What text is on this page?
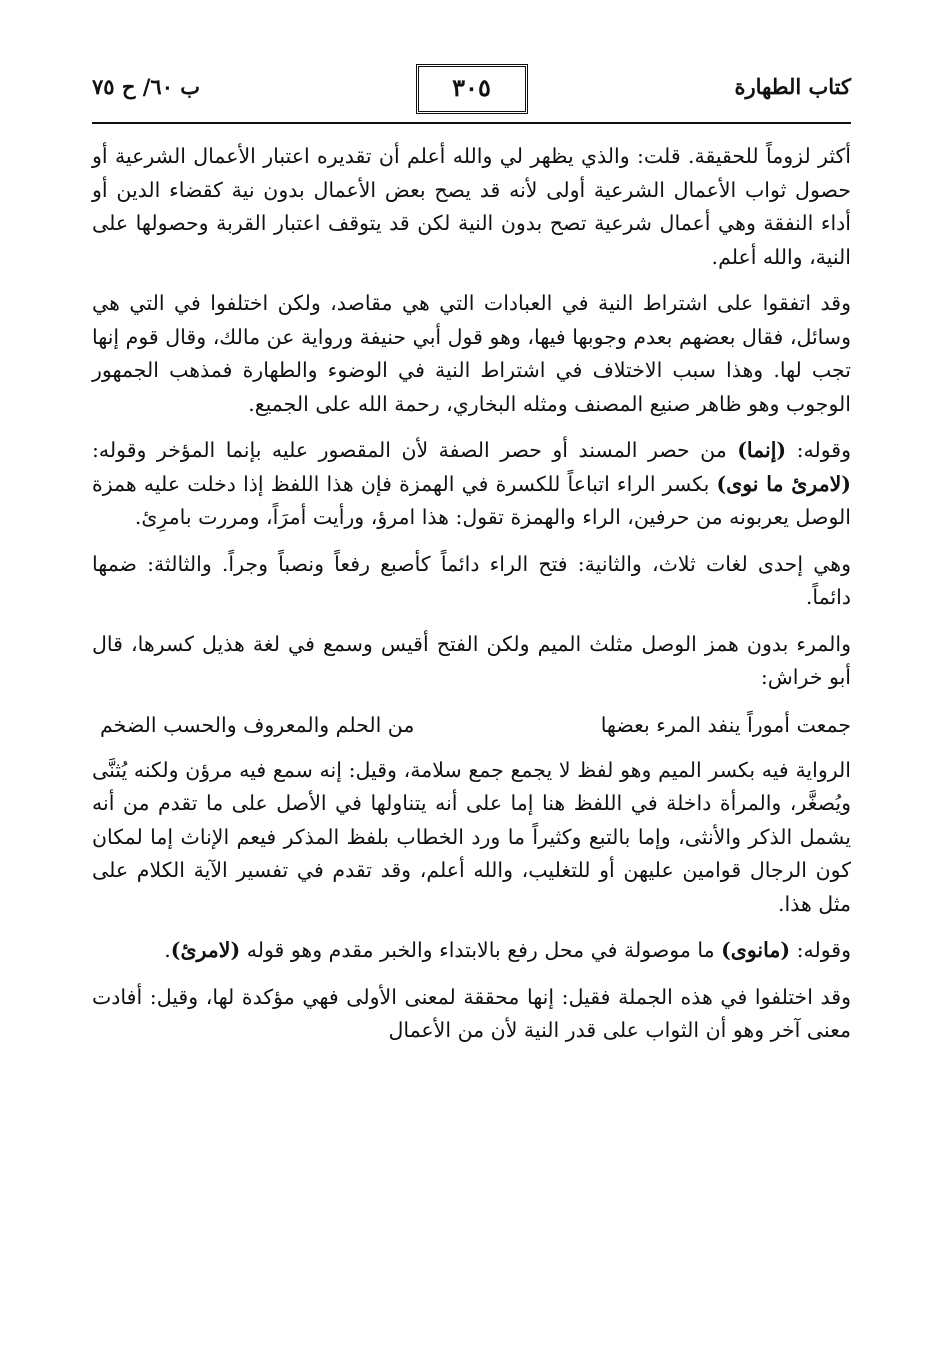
كتاب الطهارة
٣٠٥
ب ٦٠/ ح ٧٥

أكثر لزوماً للحقيقة. قلت: والذي يظهر لي والله أعلم أن تقديره اعتبار الأعمال الشرعية أو حصول ثواب الأعمال الشرعية أولى لأنه قد يصح بعض الأعمال بدون نية كقضاء الدين أو أداء النفقة وهي أعمال شرعية تصح بدون النية لكن قد يتوقف اعتبار القربة وحصولها على النية، والله أعلم.

وقد اتفقوا على اشتراط النية في العبادات التي هي مقاصد، ولكن اختلفوا في التي هي وسائل، فقال بعضهم بعدم وجوبها فيها، وهو قول أبي حنيفة ورواية عن مالك، وقال قوم إنها تجب لها. وهذا سبب الاختلاف في اشتراط النية في الوضوء والطهارة فمذهب الجمهور الوجوب وهو ظاهر صنيع المصنف ومثله البخاري، رحمة الله على الجميع.

وقوله: (إنما) من حصر المسند أو حصر الصفة لأن المقصور عليه بإنما المؤخر وقوله: (لامرئ ما نوى) بكسر الراء اتباعاً للكسرة في الهمزة فإن هذا اللفظ إذا دخلت عليه همزة الوصل يعربونه من حرفين، الراء والهمزة تقول: هذا امرؤ، ورأيت أمرَاً، ومررت بامرِئ.

وهي إحدى لغات ثلاث، والثانية: فتح الراء دائماً كأصبع رفعاً ونصباً وجراً. والثالثة: ضمها دائماً.

والمرء بدون همز الوصل مثلث الميم ولكن الفتح أقيس وسمع في لغة هذيل كسرها، قال أبو خراش:

جمعت أموراً ينفد المرء بعضها
من الحلم والمعروف والحسب الضخم

الرواية فيه بكسر الميم وهو لفظ لا يجمع جمع سلامة، وقيل: إنه سمع فيه مرؤن ولكنه يُثنَّى ويُصغَّر، والمرأة داخلة في اللفظ هنا إما على أنه يتناولها في الأصل على ما تقدم من أنه يشمل الذكر والأنثى، وإما بالتبع وكثيراً ما ورد الخطاب بلفظ المذكر فيعم الإناث إما لمكان كون الرجال قوامين عليهن أو للتغليب، والله أعلم، وقد تقدم في تفسير الآية الكلام على مثل هذا.

وقوله: (مانوى) ما موصولة في محل رفع بالابتداء والخبر مقدم وهو قوله (لامرئ).

وقد اختلفوا في هذه الجملة فقيل: إنها محققة لمعنى الأولى فهي مؤكدة لها، وقيل: أفادت معنى آخر وهو أن الثواب على قدر النية لأن من الأعمال
